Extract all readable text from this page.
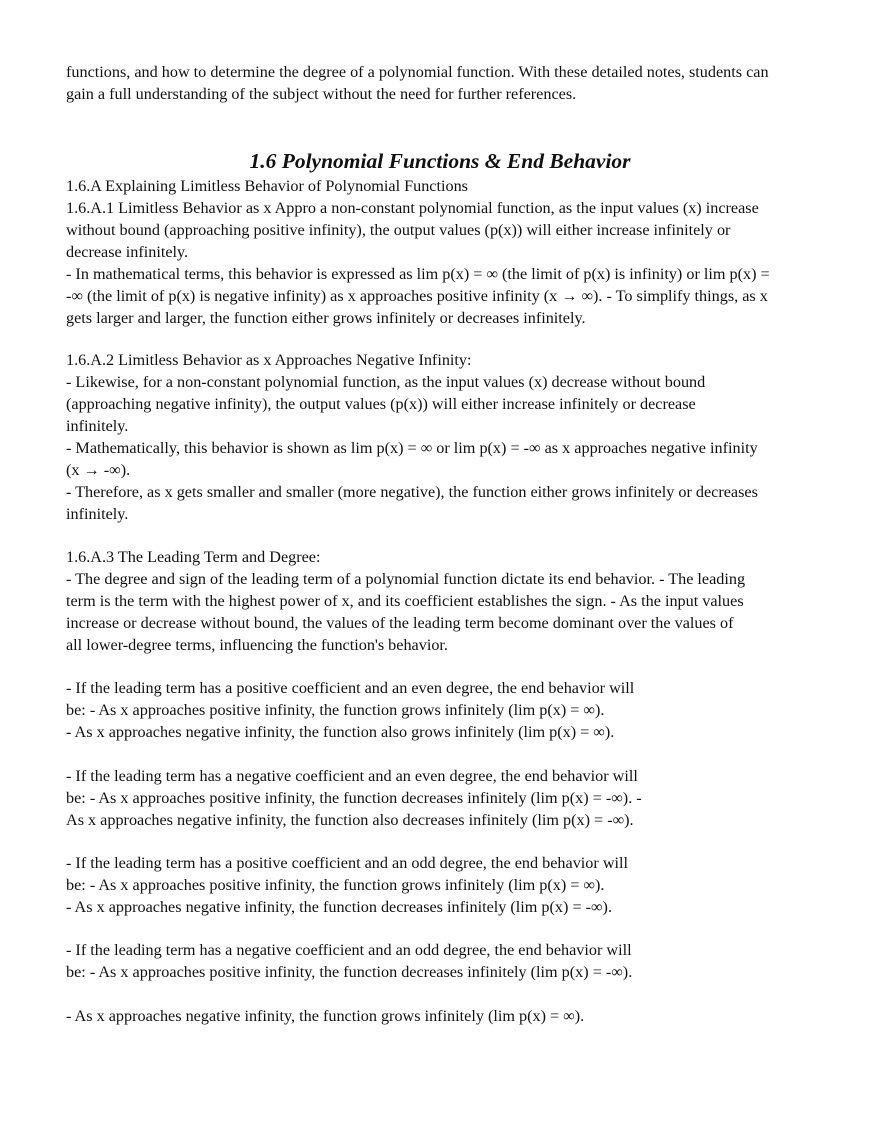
functions, and how to determine the degree of a polynomial function. With these detailed notes, students can
gain a full understanding of the subject without the need for further references.

1.6 Polynomial Functions & End Behavior

1.6.A Explaining Limitless Behavior of Polynomial Functions
1.6.A.1 Limitless Behavior as x Appro a non-constant polynomial function, as the input values (x) increase
without bound (approaching positive infinity), the output values (p(x)) will either increase infinitely or
decrease infinitely.
- In mathematical terms, this behavior is expressed as lim p(x) = ∞ (the limit of p(x) is infinity) or lim p(x) =
-∞ (the limit of p(x) is negative infinity) as x approaches positive infinity (x → ∞). - To simplify things, as x
gets larger and larger, the function either grows infinitely or decreases infinitely.

1.6.A.2 Limitless Behavior as x Approaches Negative Infinity:
- Likewise, for a non-constant polynomial function, as the input values (x) decrease without bound
(approaching negative infinity), the output values (p(x)) will either increase infinitely or decrease
infinitely.
- Mathematically, this behavior is shown as lim p(x) = ∞ or lim p(x) = -∞ as x approaches negative infinity
(x → -∞).
- Therefore, as x gets smaller and smaller (more negative), the function either grows infinitely or decreases
infinitely.

1.6.A.3 The Leading Term and Degree:
- The degree and sign of the leading term of a polynomial function dictate its end behavior. - The leading
term is the term with the highest power of x, and its coefficient establishes the sign. - As the input values
increase or decrease without bound, the values of the leading term become dominant over the values of
all lower-degree terms, influencing the function's behavior.

- If the leading term has a positive coefficient and an even degree, the end behavior will
be: - As x approaches positive infinity, the function grows infinitely (lim p(x) = ∞).
- As x approaches negative infinity, the function also grows infinitely (lim p(x) = ∞).

- If the leading term has a negative coefficient and an even degree, the end behavior will
be: - As x approaches positive infinity, the function decreases infinitely (lim p(x) = -∞). -
As x approaches negative infinity, the function also decreases infinitely (lim p(x) = -∞).

- If the leading term has a positive coefficient and an odd degree, the end behavior will
be: - As x approaches positive infinity, the function grows infinitely (lim p(x) = ∞).
- As x approaches negative infinity, the function decreases infinitely (lim p(x) = -∞).

- If the leading term has a negative coefficient and an odd degree, the end behavior will
be: - As x approaches positive infinity, the function decreases infinitely (lim p(x) = -∞).

- As x approaches negative infinity, the function grows infinitely (lim p(x) = ∞).
